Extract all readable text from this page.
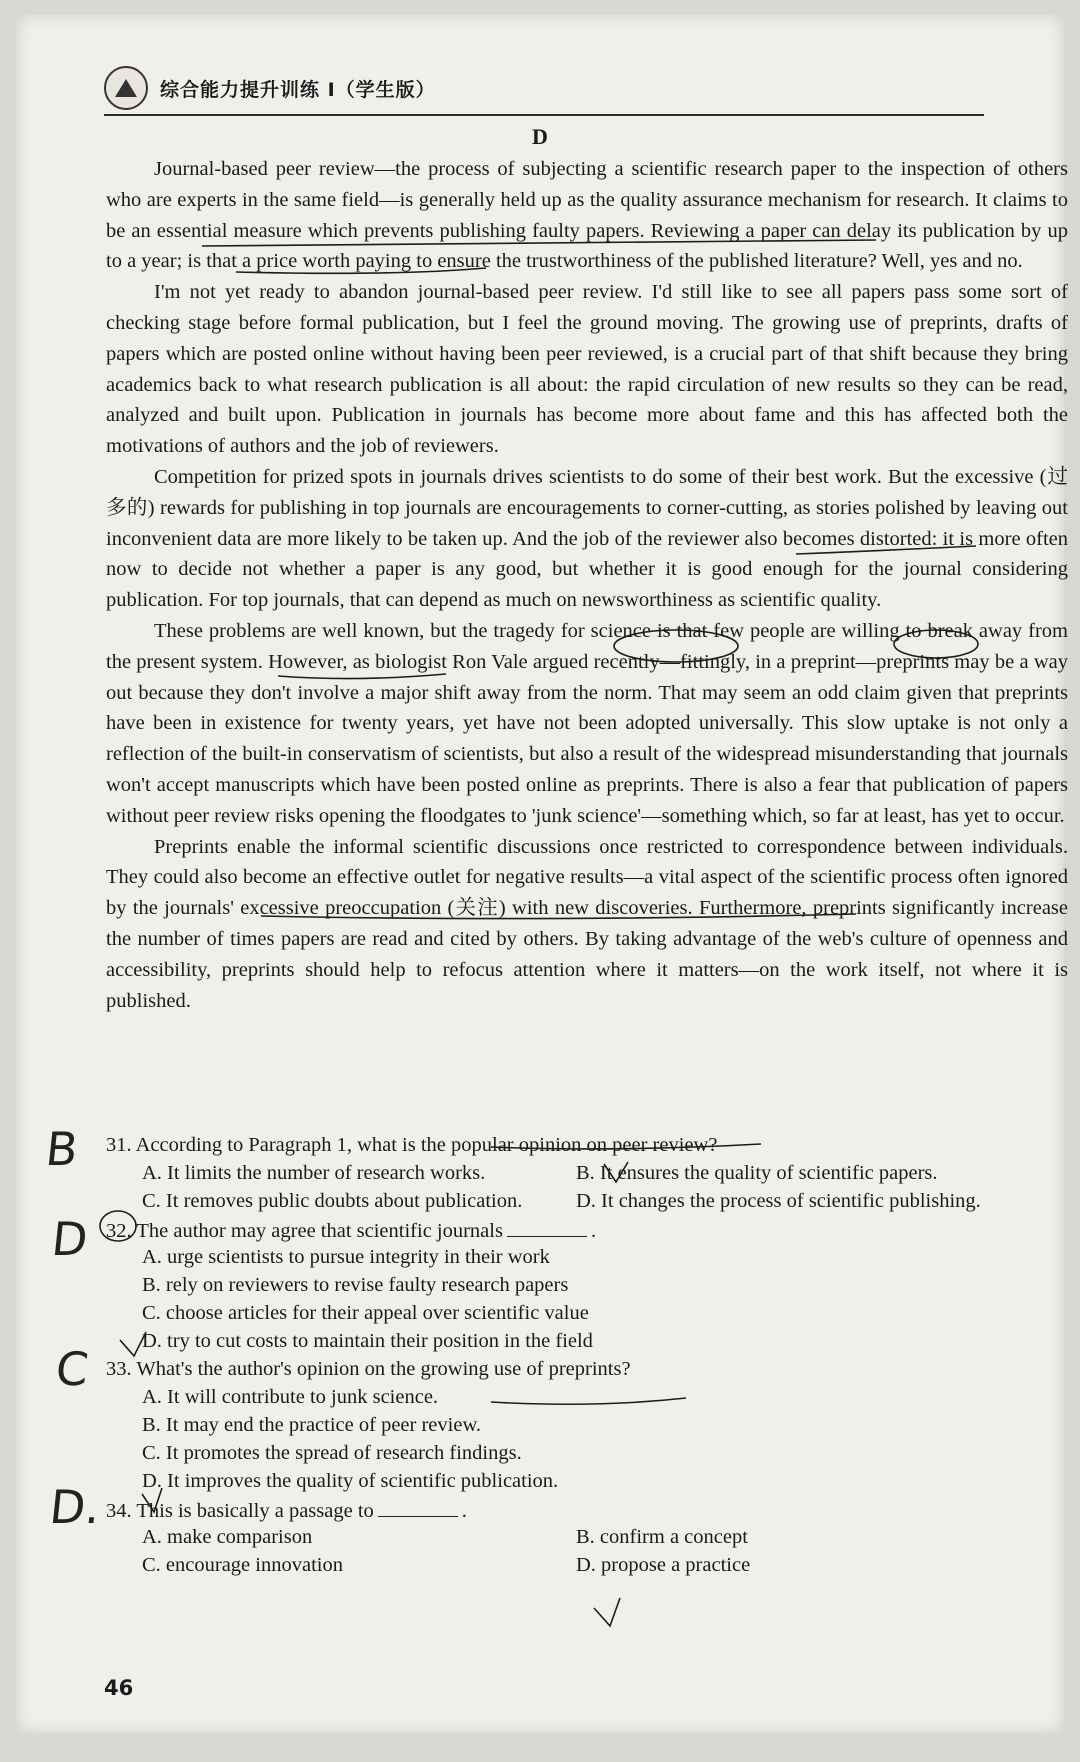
综合能力提升训练 I（学生版）
D

Journal-based peer review—the process of subjecting a scientific research paper to the inspection of others who are experts in the same field—is generally held up as the quality assurance mechanism for research. It claims to be an essential measure which prevents publishing faulty papers. Reviewing a paper can delay its publication by up to a year; is that a price worth paying to ensure the trustworthiness of the published literature? Well, yes and no.

I'm not yet ready to abandon journal-based peer review. I'd still like to see all papers pass some sort of checking stage before formal publication, but I feel the ground moving. The growing use of preprints, drafts of papers which are posted online without having been peer reviewed, is a crucial part of that shift because they bring academics back to what research publication is all about: the rapid circulation of new results so they can be read, analyzed and built upon. Publication in journals has become more about fame and this has affected both the motivations of authors and the job of reviewers.

Competition for prized spots in journals drives scientists to do some of their best work. But the excessive (过多的) rewards for publishing in top journals are encouragements to corner-cutting, as stories polished by leaving out inconvenient data are more likely to be taken up. And the job of the reviewer also becomes distorted: it is more often now to decide not whether a paper is any good, but whether it is good enough for the journal considering publication. For top journals, that can depend as much on newsworthiness as scientific quality.

These problems are well known, but the tragedy for science is that few people are willing to break away from the present system. However, as biologist Ron Vale argued recently—fittingly, in a preprint—preprints may be a way out because they don't involve a major shift away from the norm. That may seem an odd claim given that preprints have been in existence for twenty years, yet have not been adopted universally. This slow uptake is not only a reflection of the built-in conservatism of scientists, but also a result of the widespread misunderstanding that journals won't accept manuscripts which have been posted online as preprints. There is also a fear that publication of papers without peer review risks opening the floodgates to 'junk science'—something which, so far at least, has yet to occur.

Preprints enable the informal scientific discussions once restricted to correspondence between individuals. They could also become an effective outlet for negative results—a vital aspect of the scientific process often ignored by the journals' excessive preoccupation (关注) with new discoveries. Furthermore, preprints significantly increase the number of times papers are read and cited by others. By taking advantage of the web's culture of openness and accessibility, preprints should help to refocus attention where it matters—on the work itself, not where it is published.

31. According to Paragraph 1, what is the popular opinion on peer review?
A. It limits the number of research works.	B. It ensures the quality of scientific papers.
C. It removes public doubts about publication.	D. It changes the process of scientific publishing.
32. The author may agree that scientific journals	.
A. urge scientists to pursue integrity in their work
B. rely on reviewers to revise faulty research papers
C. choose articles for their appeal over scientific value
D. try to cut costs to maintain their position in the field
33. What's the author's opinion on the growing use of preprints?
A. It will contribute to junk science.
B. It may end the practice of peer review.
C. It promotes the spread of research findings.
D. It improves the quality of scientific publication.
34. This is basically a passage to	.
A. make comparison	B. confirm a concept
C. encourage innovation	D. propose a practice
B
D
C
D.
46
